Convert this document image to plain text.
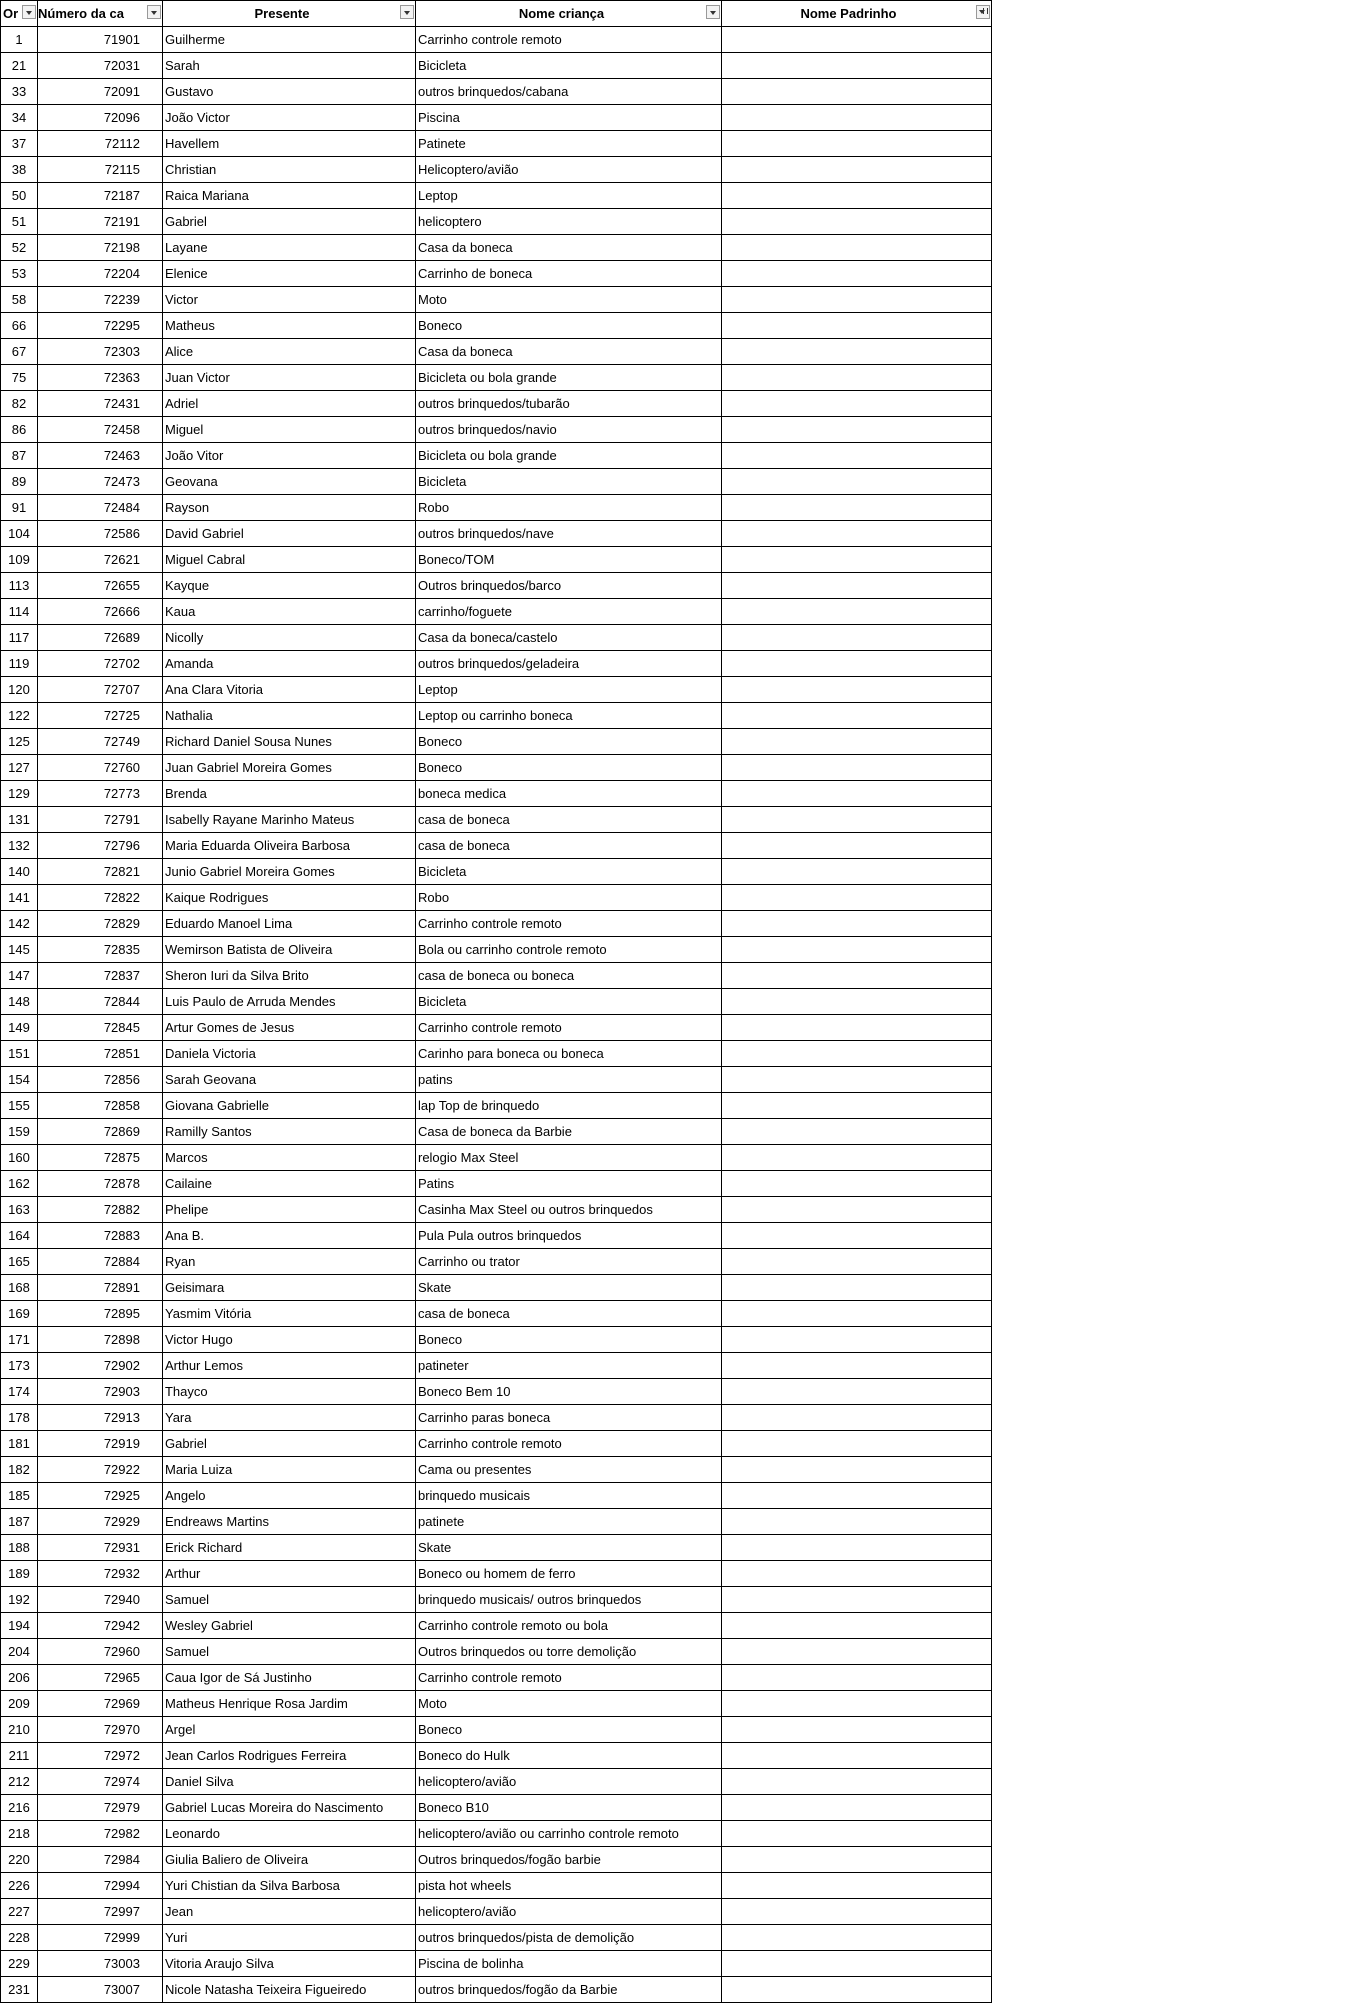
Or	Número da ca	Presente	Nome criança	Nome Padrinho

1	71901	Guilherme	Carrinho controle remoto	
21	72031	Sarah	Bicicleta	
33	72091	Gustavo	outros brinquedos/cabana	
34	72096	João Victor	Piscina	
37	72112	Havellem	Patinete	
38	72115	Christian	Helicoptero/avião	
50	72187	Raica Mariana	Leptop	
51	72191	Gabriel	helicoptero	
52	72198	Layane	Casa da boneca	
53	72204	Elenice	Carrinho de boneca	
58	72239	Victor	Moto	
66	72295	Matheus	Boneco	
67	72303	Alice	Casa da boneca	
75	72363	Juan Victor	Bicicleta ou bola grande	
82	72431	Adriel	outros brinquedos/tubarão	
86	72458	Miguel	outros brinquedos/navio	
87	72463	João Vitor	Bicicleta ou bola grande	
89	72473	Geovana	Bicicleta	
91	72484	Rayson	Robo	
104	72586	David Gabriel	outros brinquedos/nave	
109	72621	Miguel Cabral	Boneco/TOM	
113	72655	Kayque	Outros brinquedos/barco	
114	72666	Kaua	carrinho/foguete	
117	72689	Nicolly	Casa da boneca/castelo	
119	72702	Amanda	outros brinquedos/geladeira	
120	72707	Ana Clara Vitoria	Leptop	
122	72725	Nathalia	Leptop ou carrinho boneca	
125	72749	Richard Daniel Sousa Nunes	Boneco	
127	72760	Juan Gabriel Moreira Gomes	Boneco	
129	72773	Brenda	boneca medica	
131	72791	Isabelly Rayane Marinho Mateus	casa de boneca	
132	72796	Maria Eduarda Oliveira Barbosa	casa de boneca	
140	72821	Junio Gabriel Moreira Gomes	Bicicleta	
141	72822	Kaique Rodrigues	Robo	
142	72829	Eduardo Manoel Lima	Carrinho controle remoto	
145	72835	Wemirson Batista de Oliveira	Bola ou carrinho controle remoto	
147	72837	Sheron Iuri da Silva Brito	casa de boneca ou boneca	
148	72844	Luis Paulo de Arruda Mendes	Bicicleta	
149	72845	Artur Gomes de Jesus	Carrinho controle remoto	
151	72851	Daniela Victoria	Carinho para boneca ou boneca	
154	72856	Sarah Geovana	patins	
155	72858	Giovana Gabrielle	lap Top de brinquedo	
159	72869	Ramilly Santos	Casa de boneca da Barbie	
160	72875	Marcos	relogio Max Steel	
162	72878	Cailaine	Patins	
163	72882	Phelipe	Casinha Max Steel ou outros brinquedos	
164	72883	Ana B.	Pula Pula outros brinquedos	
165	72884	Ryan	Carrinho ou trator	
168	72891	Geisimara	Skate	
169	72895	Yasmim Vitória	casa de boneca	
171	72898	Victor Hugo	Boneco	
173	72902	Arthur Lemos	patineter	
174	72903	Thayco	Boneco Bem 10	
178	72913	Yara	Carrinho paras boneca	
181	72919	Gabriel	Carrinho controle remoto	
182	72922	Maria Luiza	Cama ou presentes	
185	72925	Angelo	brinquedo musicais	
187	72929	Endreaws Martins	patinete	
188	72931	Erick Richard	Skate	
189	72932	Arthur	Boneco ou homem de ferro	
192	72940	Samuel	brinquedo musicais/ outros brinquedos	
194	72942	Wesley Gabriel	Carrinho controle remoto ou bola	
204	72960	Samuel	Outros brinquedos ou torre demolição	
206	72965	Caua Igor de Sá Justinho	Carrinho controle remoto	
209	72969	Matheus Henrique Rosa Jardim	Moto	
210	72970	Argel	Boneco	
211	72972	Jean Carlos Rodrigues Ferreira	Boneco do Hulk	
212	72974	Daniel Silva	helicoptero/avião	
216	72979	Gabriel Lucas Moreira do Nascimento	Boneco B10	
218	72982	Leonardo	helicoptero/avião ou carrinho controle remoto	
220	72984	Giulia Baliero de Oliveira	Outros brinquedos/fogão barbie	
226	72994	Yuri Chistian da Silva Barbosa	pista hot wheels	
227	72997	Jean	helicoptero/avião	
228	72999	Yuri	outros brinquedos/pista de demolição	
229	73003	Vitoria Araujo Silva	Piscina de bolinha	
231	73007	Nicole Natasha Teixeira Figueiredo	outros brinquedos/fogão da Barbie	
